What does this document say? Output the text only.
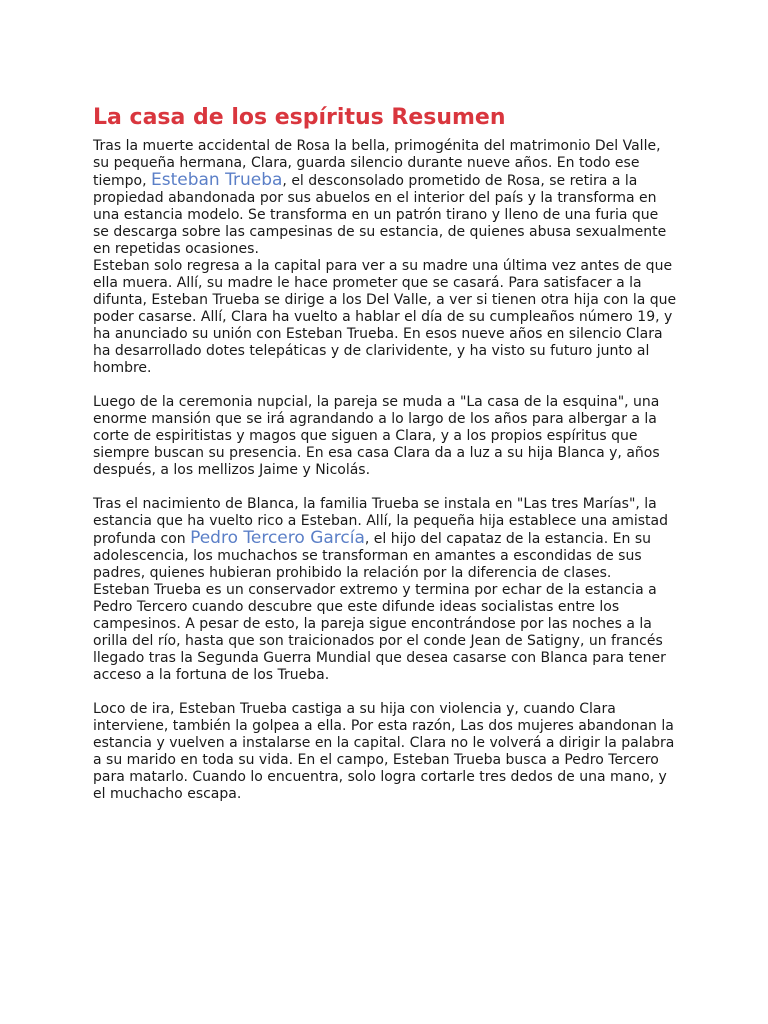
La casa de los espíritus Resumen

Tras la muerte accidental de Rosa la bella, primogénita del matrimonio Del Valle, su pequeña hermana, Clara, guarda silencio durante nueve años. En todo ese tiempo, Esteban Trueba, el desconsolado prometido de Rosa, se retira a la propiedad abandonada por sus abuelos en el interior del país y la transforma en una estancia modelo. Se transforma en un patrón tirano y lleno de una furia que se descarga sobre las campesinas de su estancia, de quienes abusa sexualmente en repetidas ocasiones.

Esteban solo regresa a la capital para ver a su madre una última vez antes de que ella muera. Allí, su madre le hace prometer que se casará. Para satisfacer a la difunta, Esteban Trueba se dirige a los Del Valle, a ver si tienen otra hija con la que poder casarse. Allí, Clara ha vuelto a hablar el día de su cumpleaños número 19, y ha anunciado su unión con Esteban Trueba. En esos nueve años en silencio Clara ha desarrollado dotes telepáticas y de clarividente, y ha visto su futuro junto al hombre.

Luego de la ceremonia nupcial, la pareja se muda a "La casa de la esquina", una enorme mansión que se irá agrandando a lo largo de los años para albergar a la corte de espiritistas y magos que siguen a Clara, y a los propios espíritus que siempre buscan su presencia. En esa casa Clara da a luz a su hija Blanca y, años después, a los mellizos Jaime y Nicolás.

Tras el nacimiento de Blanca, la familia Trueba se instala en "Las tres Marías", la estancia que ha vuelto rico a Esteban. Allí, la pequeña hija establece una amistad profunda con Pedro Tercero García, el hijo del capataz de la estancia. En su adolescencia, los muchachos se transforman en amantes a escondidas de sus padres, quienes hubieran prohibido la relación por la diferencia de clases.

Esteban Trueba es un conservador extremo y termina por echar de la estancia a Pedro Tercero cuando descubre que este difunde ideas socialistas entre los campesinos. A pesar de esto, la pareja sigue encontrándose por las noches a la orilla del río, hasta que son traicionados por el conde Jean de Satigny, un francés llegado tras la Segunda Guerra Mundial que desea casarse con Blanca para tener acceso a la fortuna de los Trueba.

Loco de ira, Esteban Trueba castiga a su hija con violencia y, cuando Clara interviene, también la golpea a ella. Por esta razón, Las dos mujeres abandonan la estancia y vuelven a instalarse en la capital. Clara no le volverá a dirigir la palabra a su marido en toda su vida. En el campo, Esteban Trueba busca a Pedro Tercero para matarlo. Cuando lo encuentra, solo logra cortarle tres dedos de una mano, y el muchacho escapa.
